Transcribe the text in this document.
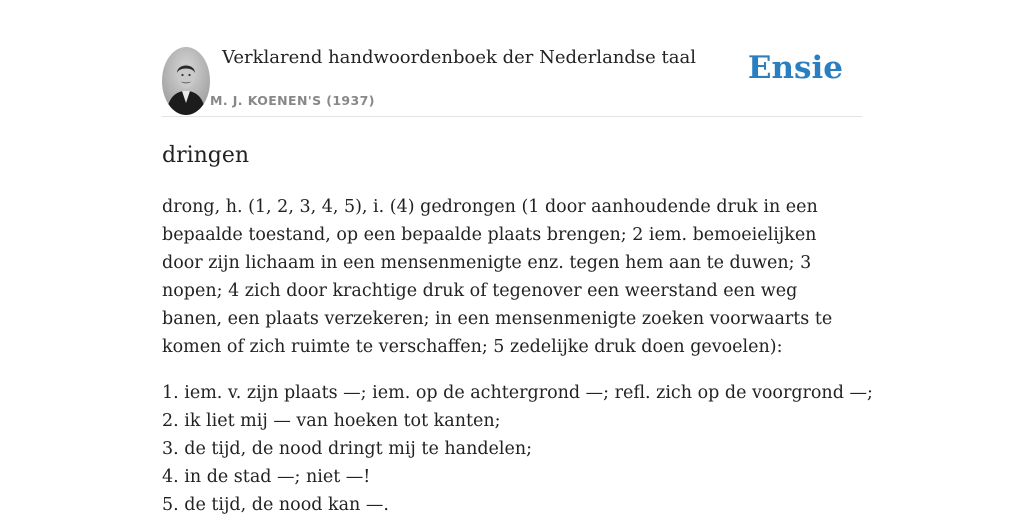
Verklarend handwoordenboek der Nederlandse taal
M. J. KOENEN'S (1937)
Ensie
dringen

drong, h. (1, 2, 3, 4, 5), i. (4) gedrongen (1 door aanhoudende druk in een bepaalde toestand, op een bepaalde plaats brengen; 2 iem. bemoeielijken door zijn lichaam in een mensenmenigte enz. tegen hem aan te duwen; 3 nopen; 4 zich door krachtige druk of tegenover een weerstand een weg banen, een plaats verzekeren; in een mensenmenigte zoeken voorwaarts te komen of zich ruimte te verschaffen; 5 zedelijke druk doen gevoelen):

1. iem. v. zijn plaats —; iem. op de achtergrond —; refl. zich op de voorgrond —;
2. ik liet mij — van hoeken tot kanten;
3. de tijd, de nood dringt mij te handelen;
4. in de stad —; niet —!
5. de tijd, de nood kan —.
